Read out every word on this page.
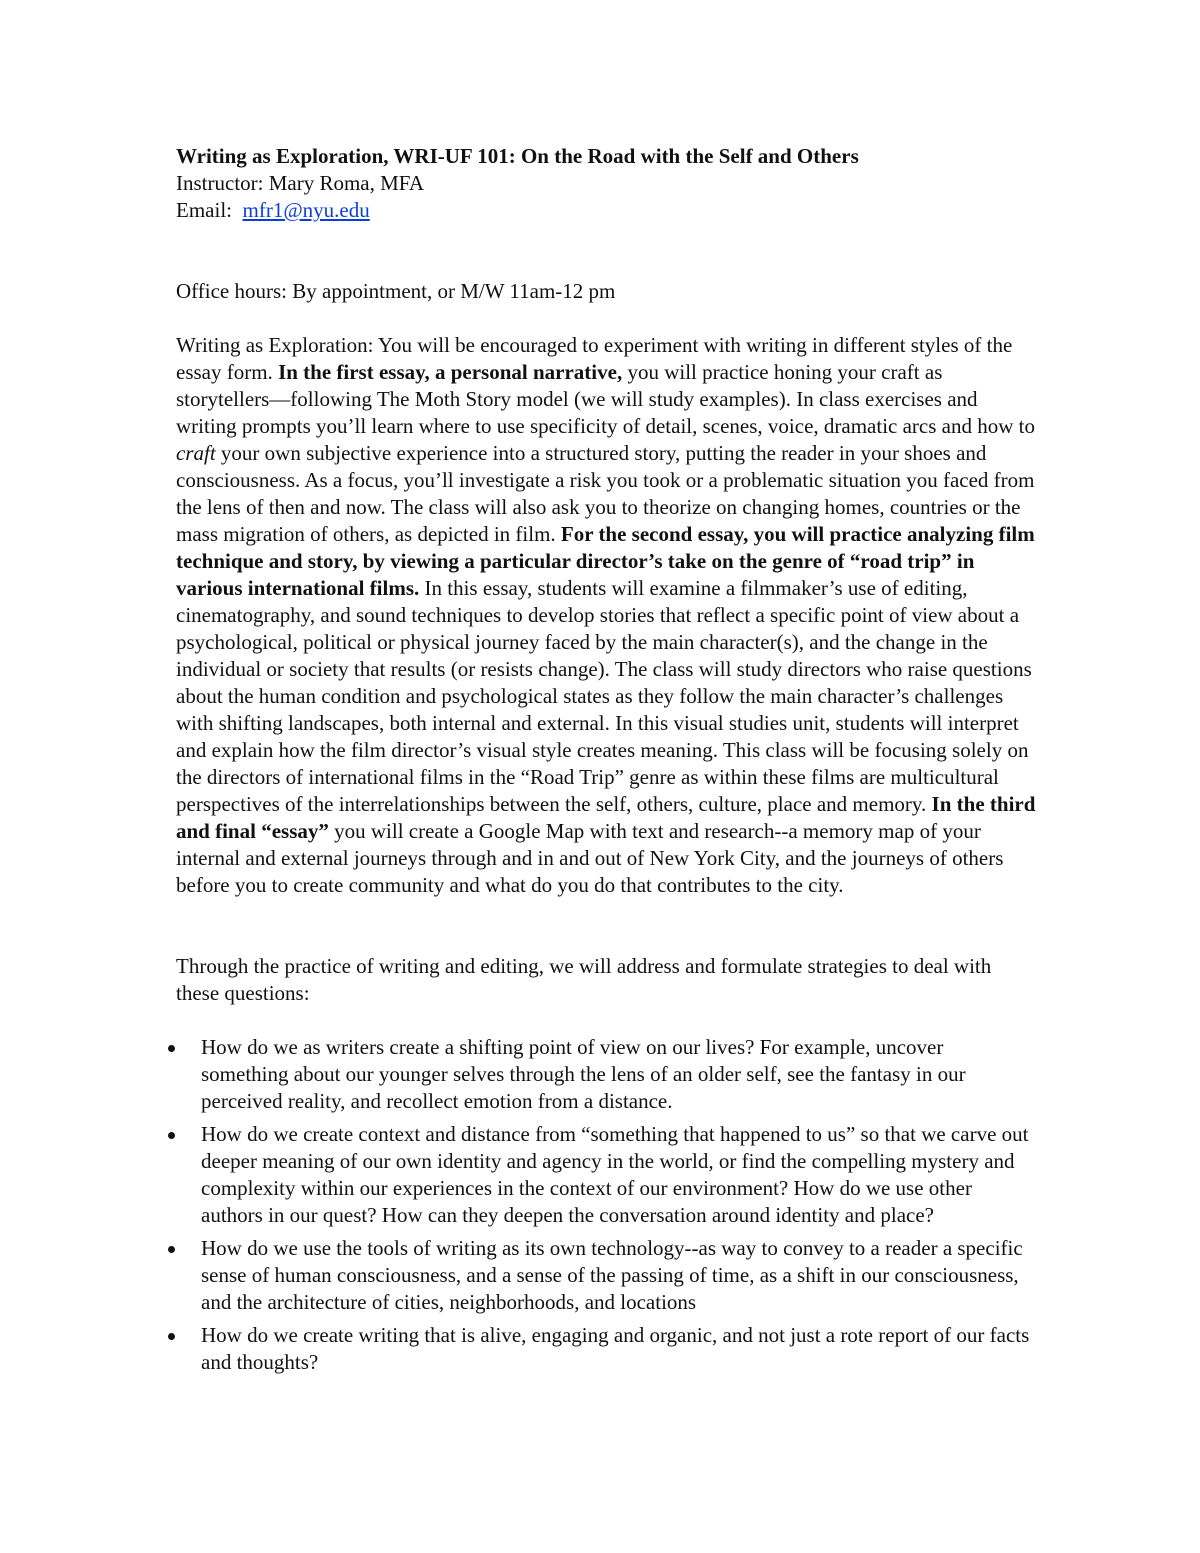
Writing as Exploration, WRI-UF 101: On the Road with the Self and Others

Instructor: Mary Roma, MFA

Email:  mfr1@nyu.edu

Office hours: By appointment, or M/W 11am-12 pm

Writing as Exploration: You will be encouraged to experiment with writing in different styles of the essay form. In the first essay, a personal narrative, you will practice honing your craft as storytellers—following The Moth Story model (we will study examples). In class exercises and writing prompts you’ll learn where to use specificity of detail, scenes, voice, dramatic arcs and how to craft your own subjective experience into a structured story, putting the reader in your shoes and consciousness. As a focus, you’ll investigate a risk you took or a problematic situation you faced from the lens of then and now. The class will also ask you to theorize on changing homes, countries or the mass migration of others, as depicted in film. For the second essay, you will practice analyzing film technique and story, by viewing a particular director’s take on the genre of “road trip” in various international films. In this essay, students will examine a filmmaker’s use of editing, cinematography, and sound techniques to develop stories that reflect a specific point of view about a psychological, political or physical journey faced by the main character(s), and the change in the individual or society that results (or resists change). The class will study directors who raise questions about the human condition and psychological states as they follow the main character’s challenges with shifting landscapes, both internal and external. In this visual studies unit, students will interpret and explain how the film director’s visual style creates meaning. This class will be focusing solely on the directors of international films in the “Road Trip” genre as within these films are multicultural perspectives of the interrelationships between the self, others, culture, place and memory. In the third and final “essay” you will create a Google Map with text and research--a memory map of your internal and external journeys through and in and out of New York City, and the journeys of others before you to create community and what do you do that contributes to the city.

Through the practice of writing and editing, we will address and formulate strategies to deal with these questions:

How do we as writers create a shifting point of view on our lives? For example, uncover something about our younger selves through the lens of an older self, see the fantasy in our perceived reality, and recollect emotion from a distance.
How do we create context and distance from “something that happened to us” so that we carve out deeper meaning of our own identity and agency in the world, or find the compelling mystery and complexity within our experiences in the context of our environment? How do we use other authors in our quest? How can they deepen the conversation around identity and place?
How do we use the tools of writing as its own technology--as way to convey to a reader a specific sense of human consciousness, and a sense of the passing of time, as a shift in our consciousness, and the architecture of cities, neighborhoods, and locations
How do we create writing that is alive, engaging and organic, and not just a rote report of our facts and thoughts?
